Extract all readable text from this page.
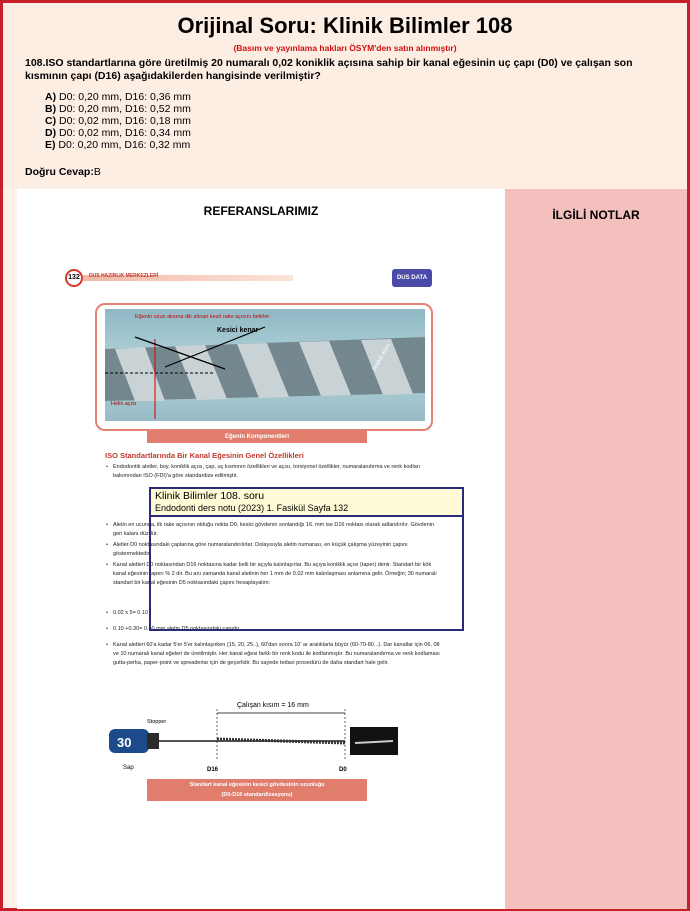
Orijinal Soru: Klinik Bilimler 108
(Basım ve yayınlama hakları ÖSYM'den satın alınmıştır)
108.ISO standartlarına göre üretilmiş 20 numaralı 0,02 koniklik açısına sahip bir kanal eğesinin uç çapı (D0) ve çalışan son kısmının çapı (D16) aşağıdakilerden hangisinde verilmiştir?
A) D0: 0,20 mm, D16: 0,36 mm
B) D0: 0,20 mm, D16: 0,52 mm
C) D0: 0,02 mm, D16: 0,18 mm
D) D0: 0,02 mm, D16: 0,34 mm
E) D0: 0,20 mm, D16: 0,32 mm
Doğru Cevap:B
REFERANSLARIMIZ
132	DUS HAZIRLIK MERKEZLERİ	DUS DATA
Eğenin uzun aksına dik alınan kesit rake açısını belirler
Kesici kenar
Helix açısı
Boşluk alanı
Eğenin Komponentleri
ISO Standartlarında Bir Kanal Eğesinin Genel Özellikleri
• Endodontik aletler, boy, koniklik açısı, çap, uç kısmının özellikleri ve açısı, torsiyonel özellikler, numaralandırma ve renk kodları bakımından ISO (FDI)'a göre standardize edilmiştir.
• Aletin en ucunda, ilk rake açısının olduğu nokta D0, kesici gövdenin sonlandığı 16. mm ise D16 noktası olarak adlandırılır. Gövdenin geri kalanı düzdür.
• Aletler D0 noktasındaki çaplarına göre numaralandırılırlar. Dolayısıyla aletin numarası, en küçük çalışma yüzeyinin çapını göstermektedir.
• Kanal aletleri D0 noktasından D16 noktasına kadar belli bir açıyla kalınlaşırlar. Bu açıya koniklik açısı (taper) denir. Standart bir kök kanal eğesinin taperı % 2 dir. Bu anı zamanda kanal aletinin her 1 mm de 0.02 mm kalınlaşması anlamına gelir. Örneğin; 30 numaralı standart bir kanal eğesinin D5 noktasındaki çapını hesaplayalım:
• 0.02 x 5= 0.10
• 0.10 +0.30= 0.40 mm aletin D5 noktasındaki çapıdır.
• Kanal aletleri 60'a kadar 5'er 5'er kalınlaşırken (15, 20, 25..), 60'dan sonra 10' ar aralıklarla büyür (60-70-80...). Dar kanallar için 06, 08 ve 10 numaralı kanal eğeleri de üretilmiştir. Her kanal eğesi farklı bir renk kodu ile kodlanmıştır. Bu numaralandırma ve renk kodlaması gutta-perka, paper-point ve spreaderlar için de geçerlidir. Bu sayede tedavi prosedürü de daha standart hale gelir.
Çalışan kısım = 16 mm
Stopper
30
Sap	D16	D0
Standart kanal eğesinin kesici gövdesinin uzunluğu
(D0-D16 standardizasyonu)
İLGİLİ NOTLAR
Klinik Bilimler 108. soru
Endodonti ders notu (2023) 1. Fasikül Sayfa 132
